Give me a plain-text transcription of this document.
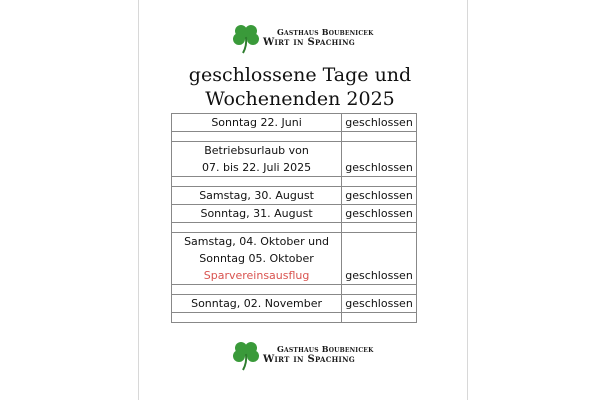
Gasthaus Boubenicek
Wirt in Spaching
geschlossene Tage und
Wochenenden 2025
Sonntag 22. Juni	geschlossen

Betriebsurlaub von
07. bis 22. Juli 2025	geschlossen

Samstag, 30. August	geschlossen

Sonntag, 31. August	geschlossen

Samstag, 04. Oktober und
Sonntag 05. Oktober
Sparvereinsausflug	geschlossen

Sonntag, 02. November	geschlossen

Gasthaus Boubenicek
Wirt in Spaching
